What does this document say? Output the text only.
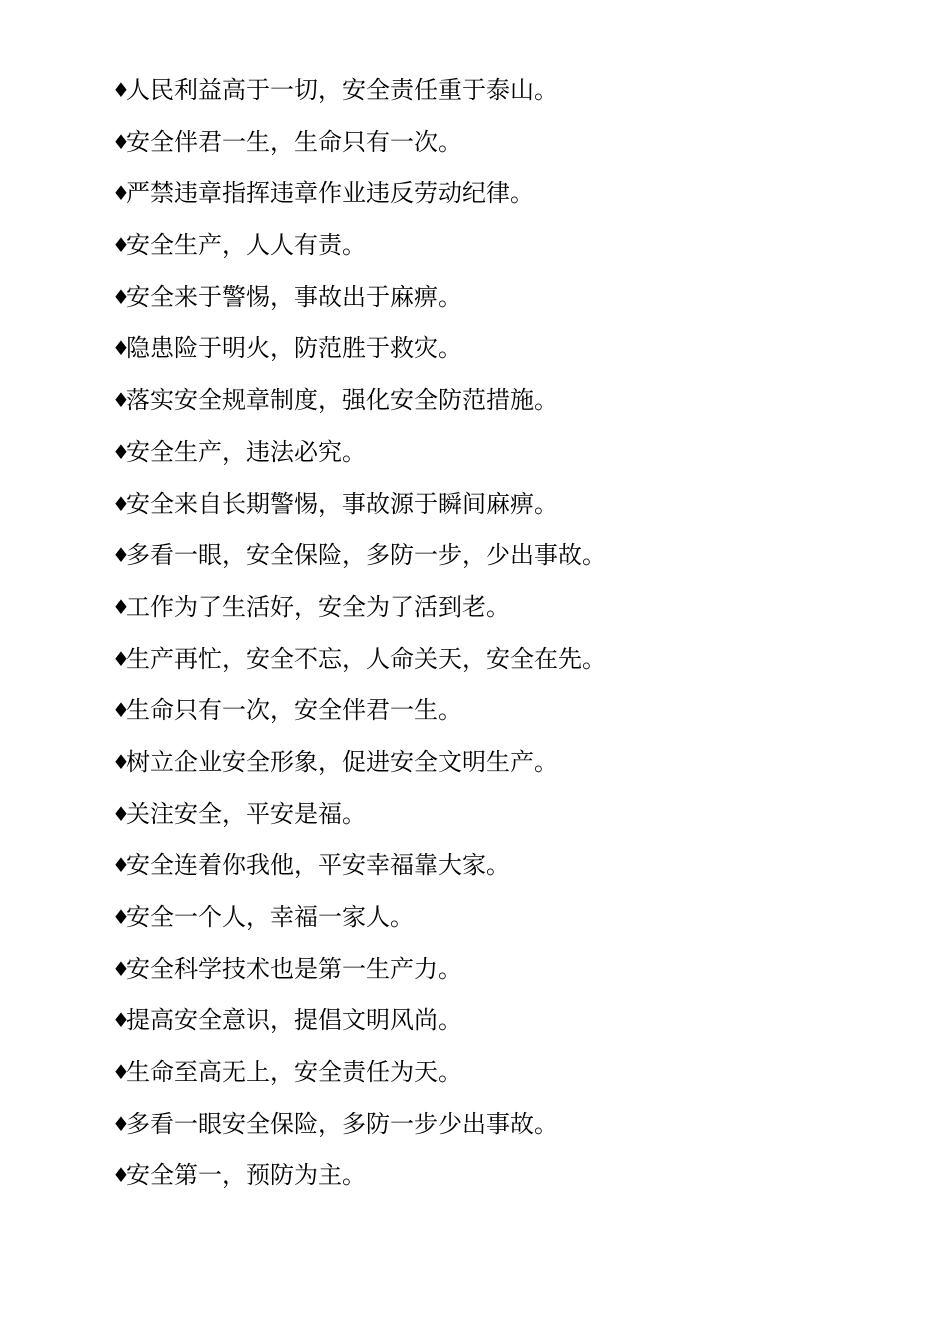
♦人民利益高于一切，安全责任重于泰山。
♦安全伴君一生，生命只有一次。
♦严禁违章指挥违章作业违反劳动纪律。
♦安全生产，人人有责。
♦安全来于警惕，事故出于麻痹。
♦隐患险于明火，防范胜于救灾。
♦落实安全规章制度，强化安全防范措施。
♦安全生产，违法必究。
♦安全来自长期警惕，事故源于瞬间麻痹。
♦多看一眼，安全保险，多防一步，少出事故。
♦工作为了生活好，安全为了活到老。
♦生产再忙，安全不忘，人命关天，安全在先。
♦生命只有一次，安全伴君一生。
♦树立企业安全形象，促进安全文明生产。
♦关注安全，平安是福。
♦安全连着你我他，平安幸福靠大家。
♦安全一个人，幸福一家人。
♦安全科学技术也是第一生产力。
♦提高安全意识，提倡文明风尚。
♦生命至高无上，安全责任为天。
♦多看一眼安全保险，多防一步少出事故。
♦安全第一，预防为主。
